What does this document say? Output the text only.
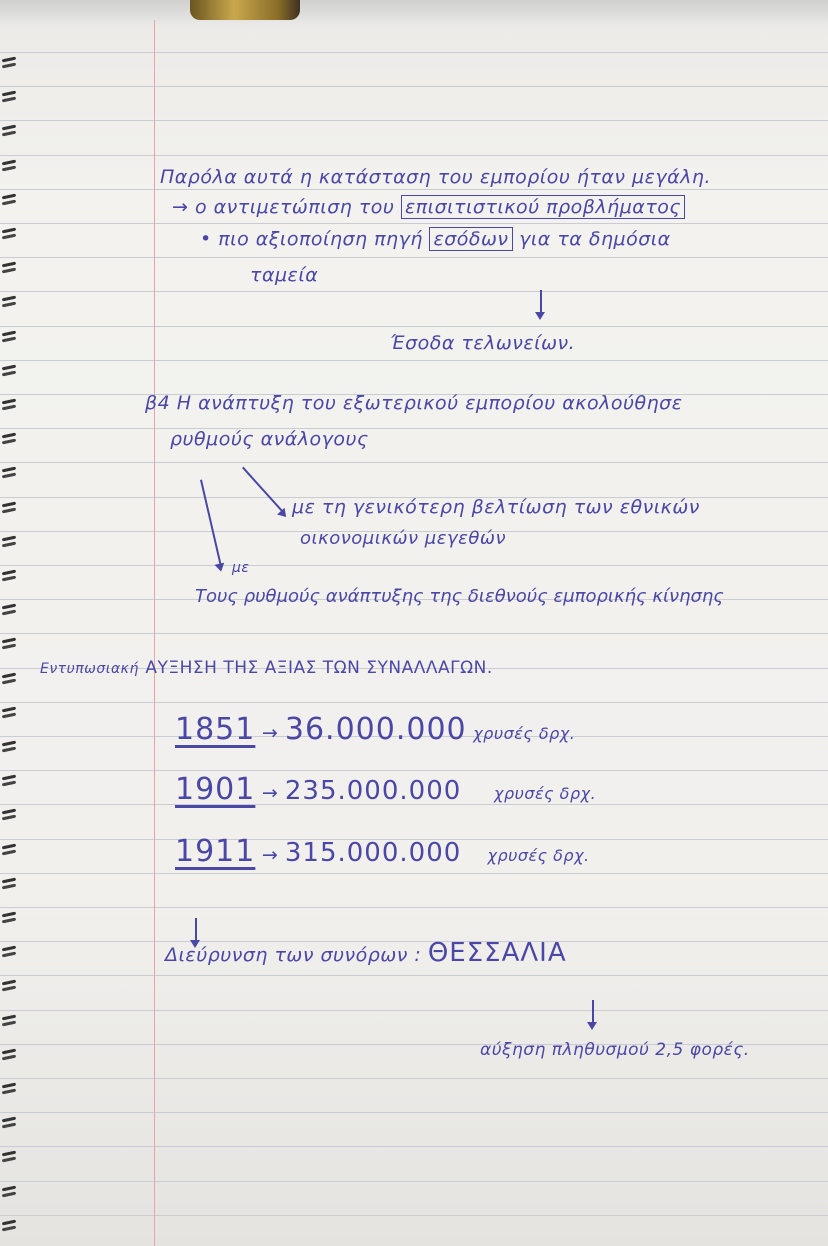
Παρόλα αυτά η κατάσταση του εμπορίου ήταν μεγάλη.
→ ο αντιμετώπιση του επισιτιστικού προβλήματος
• πιο αξιοποίηση πηγή εσόδων για τα δημόσια
ταμεία
Έσοδα τελωνείων.
β4 Η ανάπτυξη του εξωτερικού εμπορίου ακολούθησε
ρυθμούς ανάλογους
με τη γενικότερη βελτίωση των εθνικών
οικονομικών μεγεθών
με
Τους ρυθμούς ανάπτυξης της διεθνούς εμπορικής κίνησης
Εντυπωσιακή ΑΥΞΗΣΗ ΤΗΣ ΑΞΙΑΣ ΤΩΝ ΣΥΝΑΛΛΑΓΩΝ.
1851 → 36.000.000 χρυσές δρχ.
1901 → 235.000.000 χρυσές δρχ.
1911 → 315.000.000 χρυσές δρχ.
Διεύρυνση των συνόρων : ΘΕΣΣΑΛΙΑ
αύξηση πληθυσμού 2,5 φορές.
